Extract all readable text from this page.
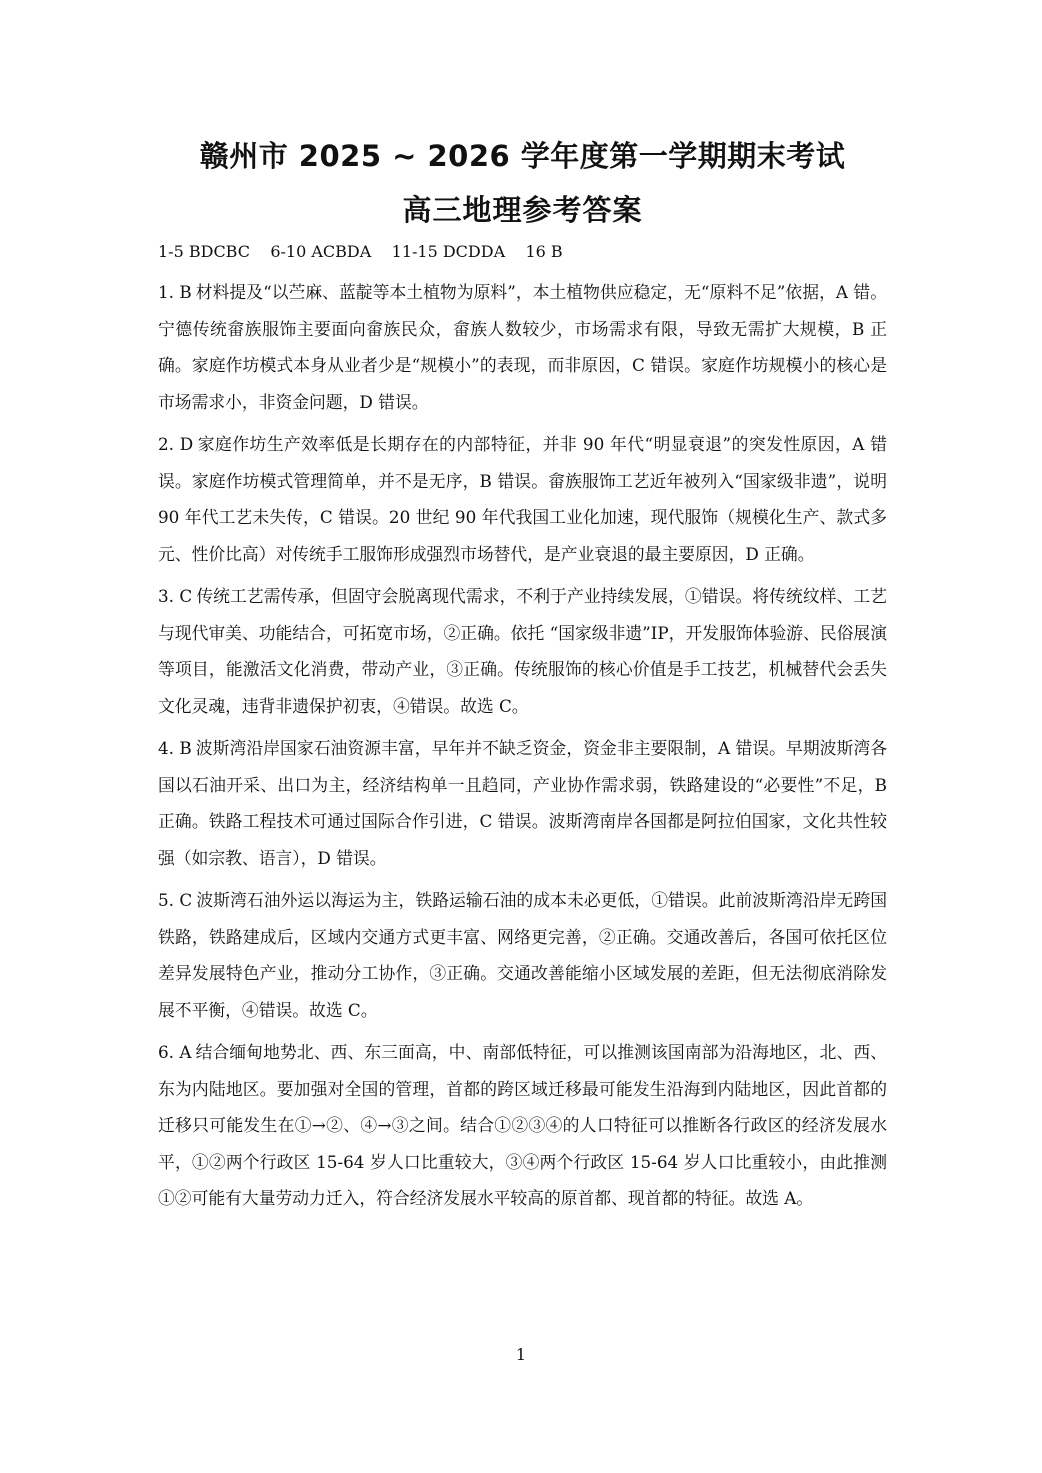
赣州市 2025 ~ 2026 学年度第一学期期末考试
高三地理参考答案

1-5 BDCBC    6-10 ACBDA    11-15 DCDDA    16 B

1. B 材料提及“以苎麻、蓝靛等本土植物为原料”，本土植物供应稳定，无“原料不足”依据，A 错。宁德传统畲族服饰主要面向畲族民众，畲族人数较少，市场需求有限，导致无需扩大规模，B 正确。家庭作坊模式本身从业者少是“规模小”的表现，而非原因，C 错误。家庭作坊规模小的核心是市场需求小，非资金问题，D 错误。

2. D 家庭作坊生产效率低是长期存在的内部特征，并非 90 年代“明显衰退”的突发性原因，A 错误。家庭作坊模式管理简单，并不是无序，B 错误。畲族服饰工艺近年被列入“国家级非遗”，说明 90 年代工艺未失传，C 错误。20 世纪 90 年代我国工业化加速，现代服饰（规模化生产、款式多元、性价比高）对传统手工服饰形成强烈市场替代，是产业衰退的最主要原因，D 正确。

3. C 传统工艺需传承，但固守会脱离现代需求，不利于产业持续发展，①错误。将传统纹样、工艺与现代审美、功能结合，可拓宽市场，②正确。依托 “国家级非遗”IP，开发服饰体验游、民俗展演等项目，能激活文化消费，带动产业，③正确。传统服饰的核心价值是手工技艺，机械替代会丢失文化灵魂，违背非遗保护初衷，④错误。故选 C。

4. B 波斯湾沿岸国家石油资源丰富，早年并不缺乏资金，资金非主要限制，A 错误。早期波斯湾各国以石油开采、出口为主，经济结构单一且趋同，产业协作需求弱，铁路建设的“必要性”不足，B 正确。铁路工程技术可通过国际合作引进，C 错误。波斯湾南岸各国都是阿拉伯国家，文化共性较强（如宗教、语言），D 错误。

5. C 波斯湾石油外运以海运为主，铁路运输石油的成本未必更低，①错误。此前波斯湾沿岸无跨国铁路，铁路建成后，区域内交通方式更丰富、网络更完善，②正确。交通改善后，各国可依托区位差异发展特色产业，推动分工协作，③正确。交通改善能缩小区域发展的差距，但无法彻底消除发展不平衡，④错误。故选 C。

6. A 结合缅甸地势北、西、东三面高，中、南部低特征，可以推测该国南部为沿海地区，北、西、东为内陆地区。要加强对全国的管理，首都的跨区域迁移最可能发生沿海到内陆地区，因此首都的迁移只可能发生在①→②、④→③之间。结合①②③④的人口特征可以推断各行政区的经济发展水平，①②两个行政区 15-64 岁人口比重较大，③④两个行政区 15-64 岁人口比重较小，由此推测①②可能有大量劳动力迁入，符合经济发展水平较高的原首都、现首都的特征。故选 A。

1
